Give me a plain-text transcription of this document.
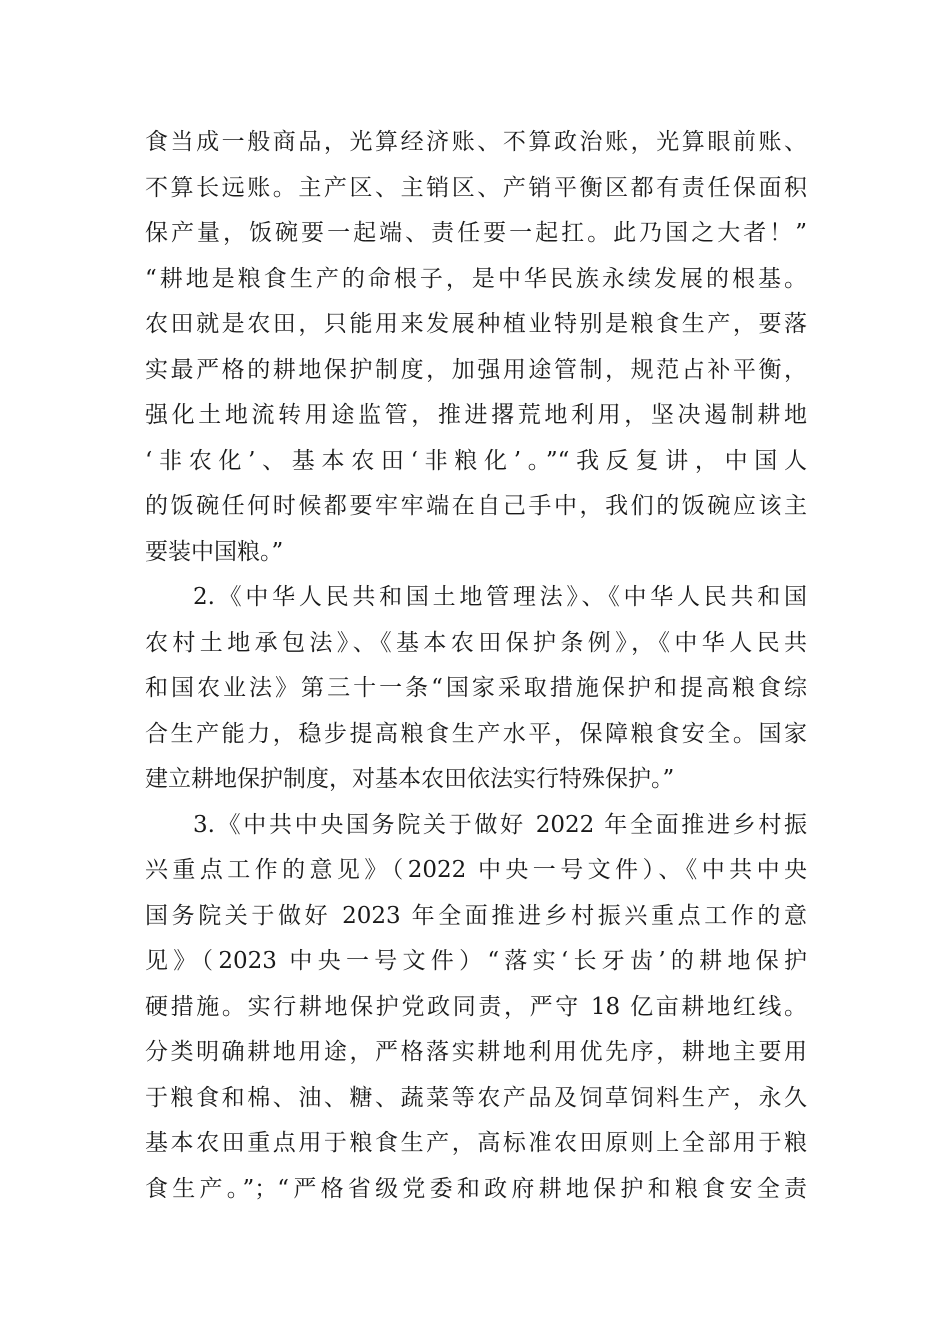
食当成一般商品，光算经济账、不算政治账，光算眼前账、
不算长远账。主产区、主销区、产销平衡区都有责任保面积
保产量，饭碗要一起端、责任要一起扛。此乃国之大者！”
“耕地是粮食生产的命根子，是中华民族永续发展的根基。
农田就是农田，只能用来发展种植业特别是粮食生产，要落
实最严格的耕地保护制度，加强用途管制，规范占补平衡，
强化土地流转用途监管，推进撂荒地利用，坚决遏制耕地
‘非农化’、基本农田‘非粮化’。”“我反复讲，中国人
的饭碗任何时候都要牢牢端在自己手中，我们的饭碗应该主
要装中国粮。”
2.《中华人民共和国土地管理法》、《中华人民共和国
农村土地承包法》、《基本农田保护条例》，《中华人民共
和国农业法》第三十一条“国家采取措施保护和提高粮食综
合生产能力，稳步提高粮食生产水平，保障粮食安全。国家
建立耕地保护制度，对基本农田依法实行特殊保护。”
3.《中共中央国务院关于做好 2022 年全面推进乡村振
兴重点工作的意见》（2022 中央一号文件）、《中共中央
国务院关于做好 2023 年全面推进乡村振兴重点工作的意
见》（2023 中央一号文件）“落实‘长牙齿’的耕地保护
硬措施。实行耕地保护党政同责，严守 18 亿亩耕地红线。
分类明确耕地用途，严格落实耕地利用优先序，耕地主要用
于粮食和棉、油、糖、蔬菜等农产品及饲草饲料生产，永久
基本农田重点用于粮食生产，高标准农田原则上全部用于粮
食生产。”；“严格省级党委和政府耕地保护和粮食安全责
